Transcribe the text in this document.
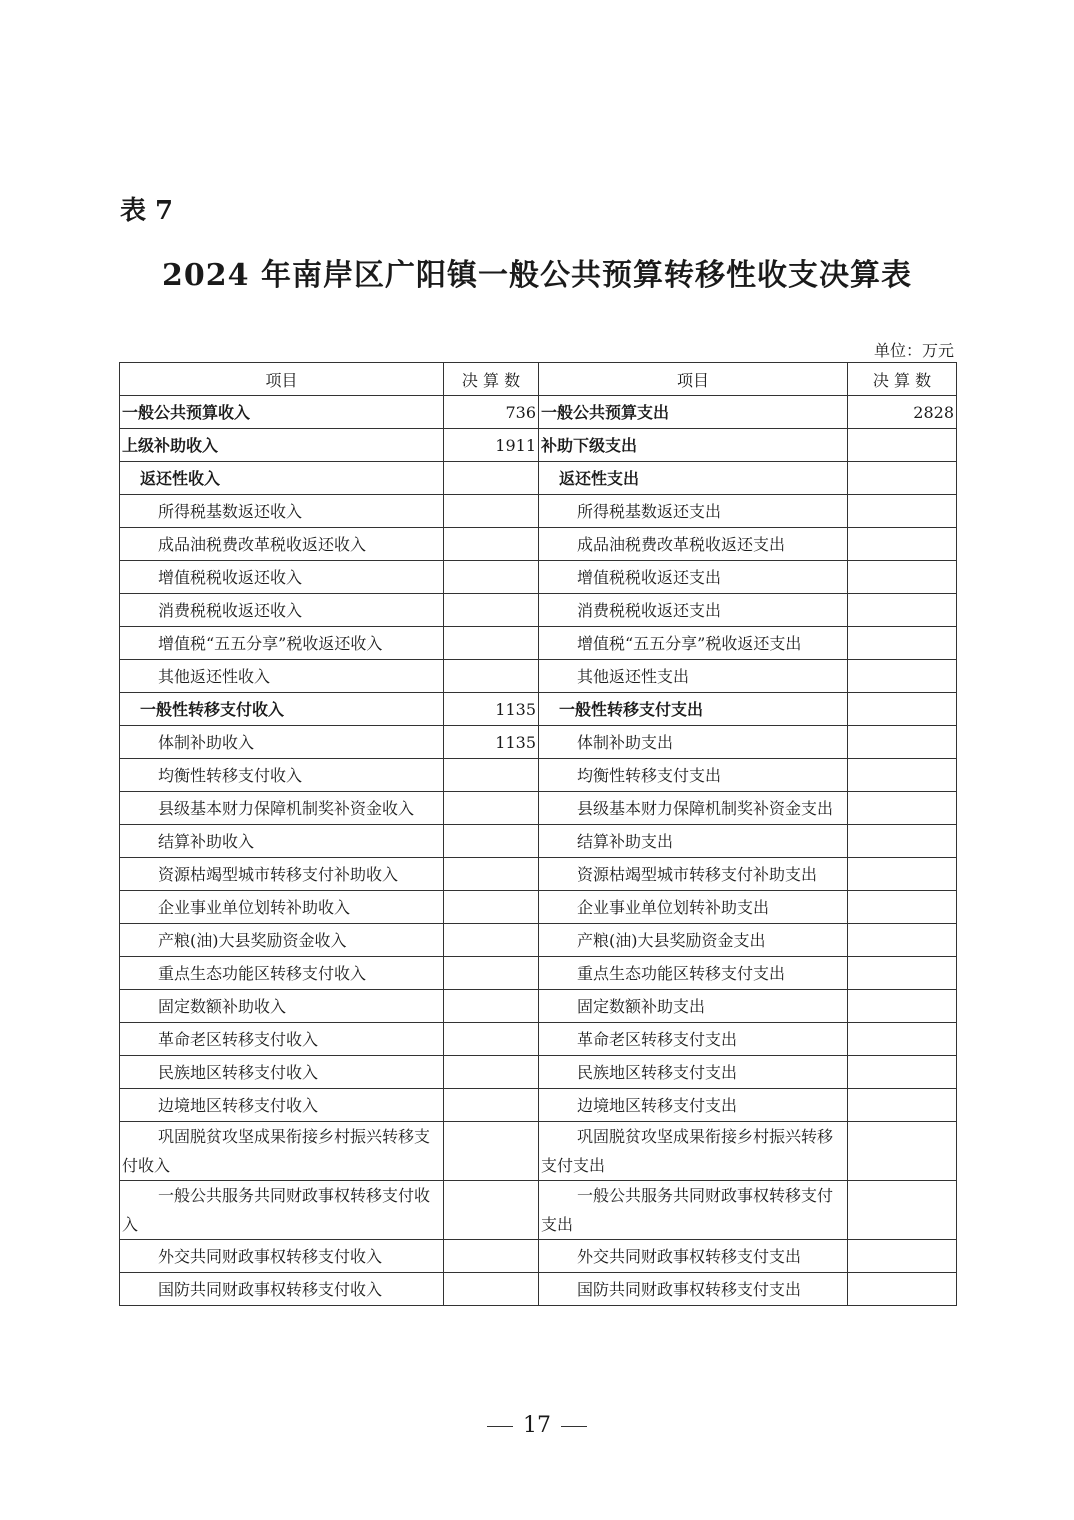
表 7
2024 年南岸区广阳镇一般公共预算转移性收支决算表
单位：万元
项目	决 算 数	项目	决 算 数
一般公共预算收入	736	一般公共预算支出	2828
上级补助收入	1911	补助下级支出	
返还性收入		返还性支出	
所得税基数返还收入		所得税基数返还支出	
成品油税费改革税收返还收入		成品油税费改革税收返还支出	
增值税税收返还收入		增值税税收返还支出	
消费税税收返还收入		消费税税收返还支出	
增值税“五五分享”税收返还收入		增值税“五五分享”税收返还支出	
其他返还性收入		其他返还性支出	
一般性转移支付收入	1135	一般性转移支付支出	
体制补助收入	1135	体制补助支出	
均衡性转移支付收入		均衡性转移支付支出	
县级基本财力保障机制奖补资金收入		县级基本财力保障机制奖补资金支出	
结算补助收入		结算补助支出	
资源枯竭型城市转移支付补助收入		资源枯竭型城市转移支付补助支出	
企业事业单位划转补助收入		企业事业单位划转补助支出	
产粮(油)大县奖励资金收入		产粮(油)大县奖励资金支出	
重点生态功能区转移支付收入		重点生态功能区转移支付支出	
固定数额补助收入		固定数额补助支出	
革命老区转移支付收入		革命老区转移支付支出	
民族地区转移支付收入		民族地区转移支付支出	
边境地区转移支付收入		边境地区转移支付支出	
巩固脱贫攻坚成果衔接乡村振兴转移支付收入		巩固脱贫攻坚成果衔接乡村振兴转移支付支出	
一般公共服务共同财政事权转移支付收入		一般公共服务共同财政事权转移支付支出	
外交共同财政事权转移支付收入		外交共同财政事权转移支付支出	
国防共同财政事权转移支付收入		国防共同财政事权转移支付支出	
17
